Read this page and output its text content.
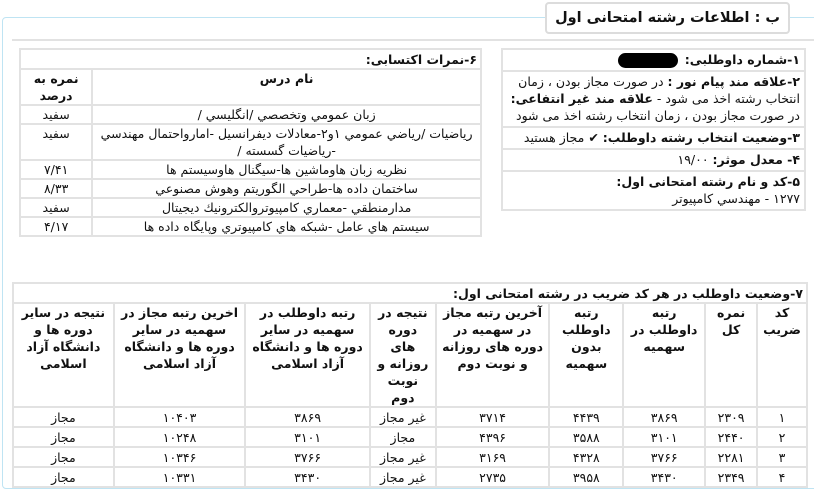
ب : اطلاعات رشته امتحانی اول
۱-شماره داوطلبی:
۲-علاقه مند پیام نور : در صورت مجاز بودن ، زمان انتخاب رشته اخذ می شود - علاقه مند غیر انتفاعی: در صورت مجاز بودن ، زمان انتخاب رشته اخذ می شود
۳-وضعیت انتخاب رشته داوطلب: ✔ مجاز هستید
۴- معدل موثر: ۱۹/۰۰
۵-کد و نام رشته امتحانی اول:
۱۲۷۷ - مهندسي کامپيوتر
۶-نمرات اکتسابی:	
نام درس	نمره به درصد
زبان عمومي وتخصصي /انگليسي /	سفید
رياضيات /رياضي عمومي ۱و۲-معادلات ديفرانسيل -امارواحتمال مهندسي -رياضيات گسسته /	سفید
نظريه زبان هاوماشين ها-سيگنال هاوسيستم ها	۷/۴۱
ساختمان داده ها-طراحي الگوريتم وهوش مصنوعي	۸/۳۳
مدارمنطقي -معماري کامپيوتروالکترونيك ديجيتال	سفید
سيستم هاي عامل -شبکه هاي کامپيوتري وپايگاه داده ها	۴/۱۷
۷-وضعیت داوطلب در هر کد ضریب در رشته امتحانی اول:								
کد ضریب	نمره کل	رتبه داوطلب در سهمیه	رتبه داوطلب بدون سهمیه	آخرین رتبه مجاز در سهمیه در دوره های روزانه و نوبت دوم	نتیجه در دوره های روزانه و نوبت دوم	رتبه داوطلب در سهمیه در سایر دوره ها و دانشگاه آزاد اسلامی	اخرین رتبه مجاز در سهمیه در سایر دوره ها و دانشگاه آزاد اسلامی	نتیجه در سایر دوره ها و دانشگاه آزاد اسلامی
۱	۲۳۰۹	۳۸۶۹	۴۴۳۹	۳۷۱۴	غیر مجاز	۳۸۶۹	۱۰۴۰۳	مجاز
۲	۲۴۴۰	۳۱۰۱	۳۵۸۸	۴۳۹۶	مجاز	۳۱۰۱	۱۰۲۴۸	مجاز
۳	۲۲۸۱	۳۷۶۶	۴۳۲۸	۳۱۶۹	غیر مجاز	۳۷۶۶	۱۰۳۴۶	مجاز
۴	۲۳۴۹	۳۴۳۰	۳۹۵۸	۲۷۳۵	غیر مجاز	۳۴۳۰	۱۰۳۳۱	مجاز
